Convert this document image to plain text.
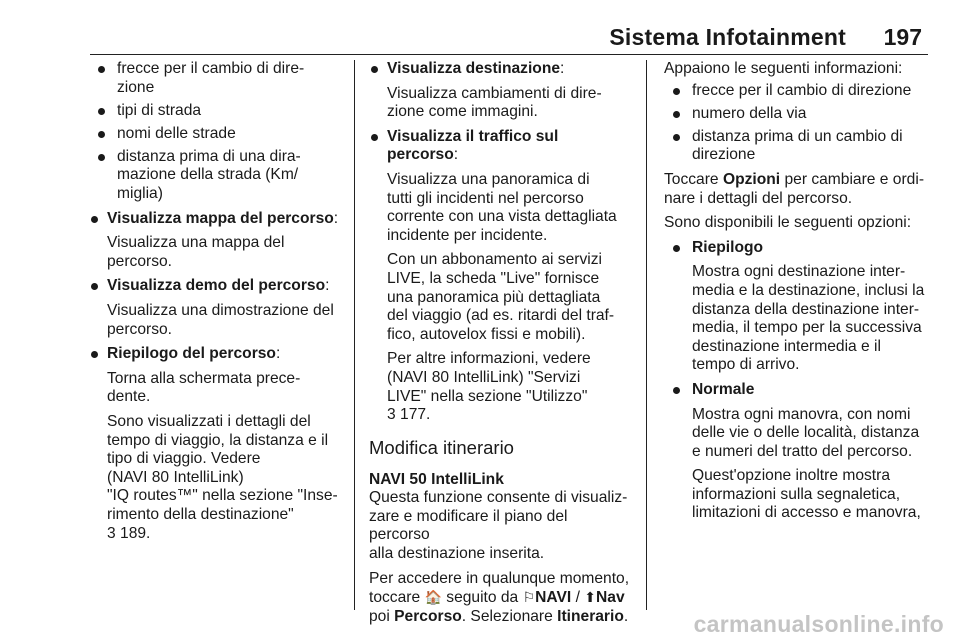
Sistema Infotainment 197
frecce per il cambio di dire-
zione
tipi di strada
nomi delle strade
distanza prima di una dira-
mazione della strada (Km/
miglia)
Visualizza mappa del percorso:
Visualizza una mappa del
percorso.
Visualizza demo del percorso:
Visualizza una dimostrazione del
percorso.
Riepilogo del percorso:
Torna alla schermata prece-
dente.
Sono visualizzati i dettagli del
tempo di viaggio, la distanza e il
tipo di viaggio. Vedere
(NAVI 80 IntelliLink)
"IQ routes™" nella sezione "Inse-
rimento della destinazione"
3 189.
Visualizza destinazione:
Visualizza cambiamenti di dire-
zione come immagini.
Visualizza il traffico sul percorso:
Visualizza una panoramica di
tutti gli incidenti nel percorso
corrente con una vista dettagliata
incidente per incidente.
Con un abbonamento ai servizi
LIVE, la scheda "Live" fornisce
una panoramica più dettagliata
del viaggio (ad es. ritardi del traf-
fico, autovelox fissi e mobili).
Per altre informazioni, vedere
(NAVI 80 IntelliLink) "Servizi
LIVE" nella sezione "Utilizzo"
3 177.
Modifica itinerario
NAVI 50 IntelliLink
Questa funzione consente di visualiz-
zare e modificare il piano del percorso
alla destinazione inserita.
Per accedere in qualunque momento,
toccare 🏠 seguito da ⚐NAVI / ⬆Nav
poi Percorso. Selezionare Itinerario.
Appaiono le seguenti informazioni:
frecce per il cambio di direzione
numero della via
distanza prima di un cambio di
direzione
Toccare Opzioni per cambiare e ordi-
nare i dettagli del percorso.
Sono disponibili le seguenti opzioni:
Riepilogo
Mostra ogni destinazione inter-
media e la destinazione, inclusi la
distanza della destinazione inter-
media, il tempo per la successiva
destinazione intermedia e il
tempo di arrivo.
Normale
Mostra ogni manovra, con nomi
delle vie o delle località, distanza
e numeri del tratto del percorso.
Quest'opzione inoltre mostra
informazioni sulla segnaletica,
limitazioni di accesso e manovra,
carmanualsonline.info
